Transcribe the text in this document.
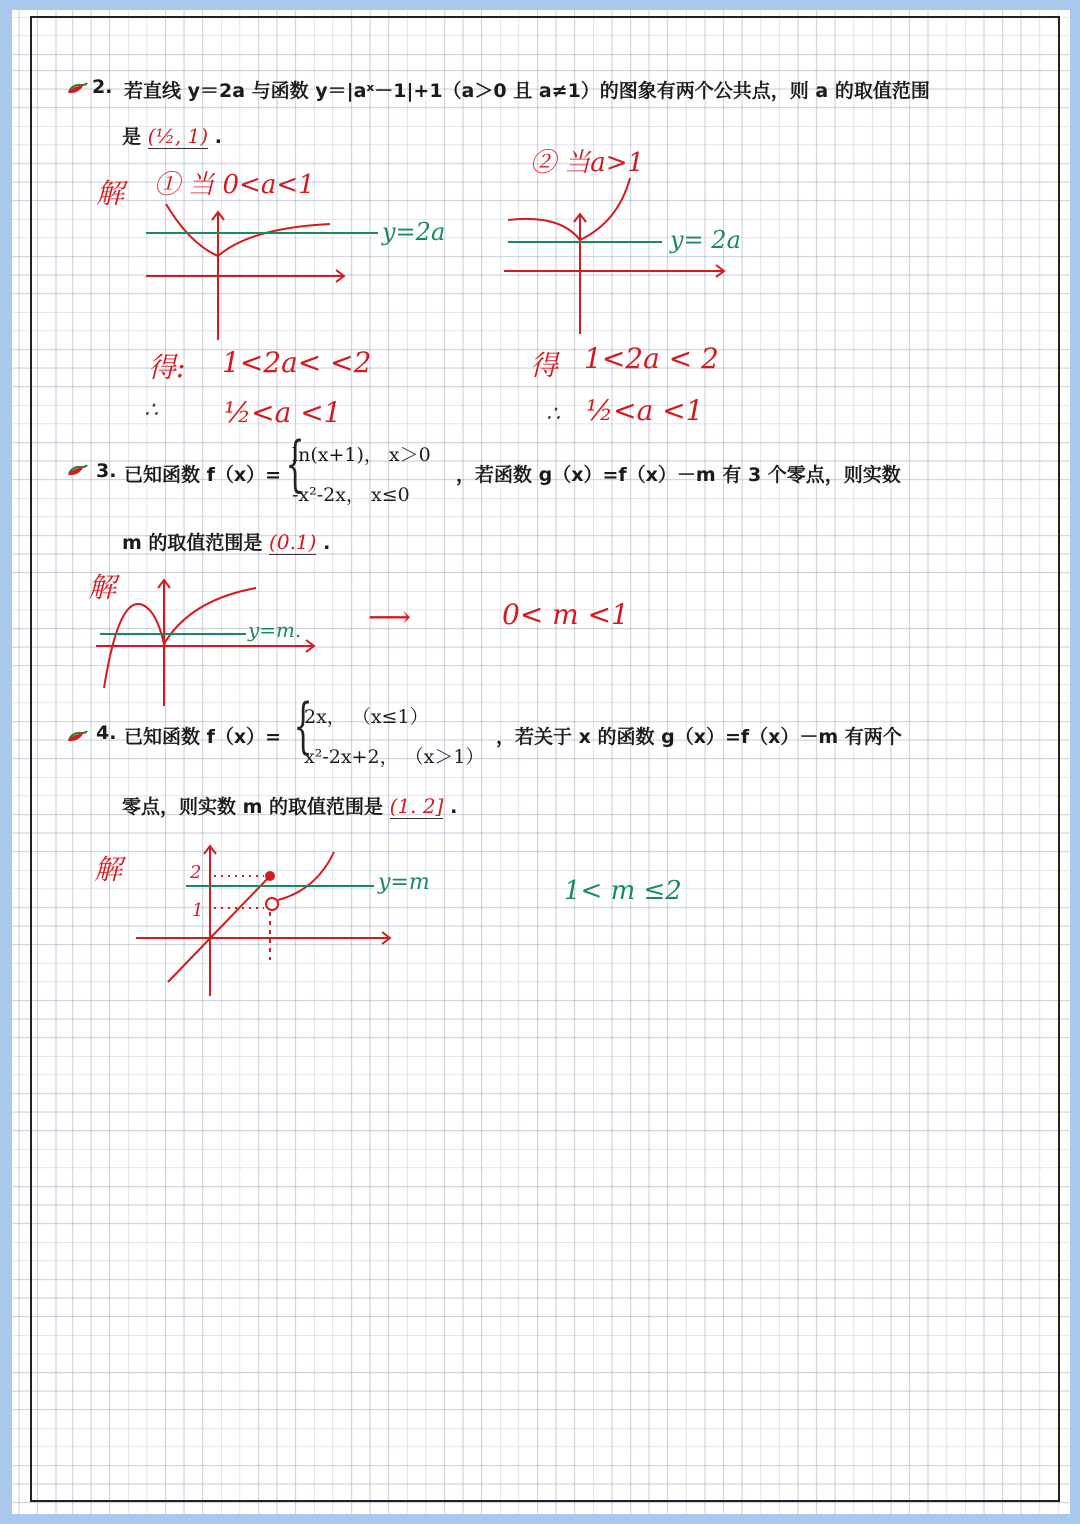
2. 若直线 y＝2a 与函数 y＝|aˣ－1|+1（a＞0 且 a≠1）的图象有两个公共点，则 a 的取值范围
是 (½, 1) .
解 ① 当 0<a<1
② 当a>1
y=2a	y= 2a
得: 1<2a< <2	得 1<2a < 2
∴ ½<a <1	∴ ½<a <1
3. 已知函数 f（x）= {
ln(x+1)， x＞0
-x²-2x， x≤0
，若函数 g（x）=f（x）－m 有 3 个零点，则实数
m 的取值范围是 (0.1) .
解
y=m. ⟶	0< m <1
4. 已知函数 f（x）= {
2x， （x≤1）
x²-2x+2， （x＞1）
，若关于 x 的函数 g（x）=f（x）－m 有两个
零点，则实数 m 的取值范围是 (1. 2] .
解	2
1
y=m	1< m ≤2
